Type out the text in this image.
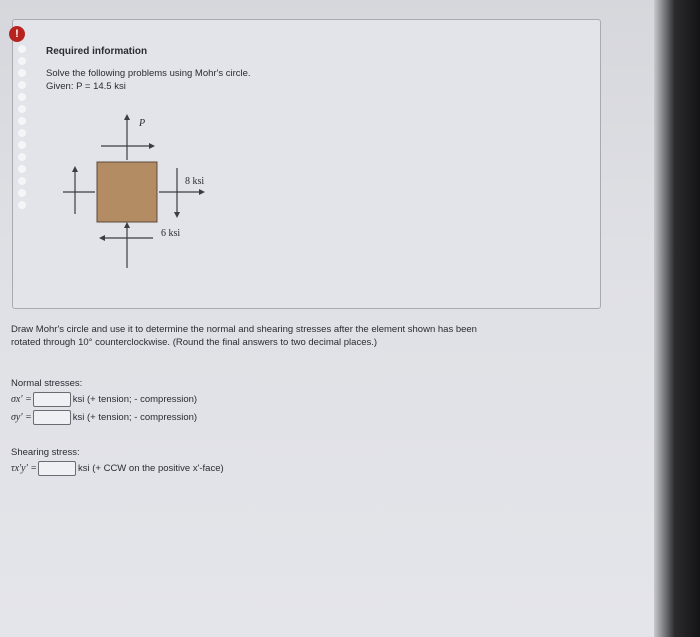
!
Required information
Solve the following problems using Mohr's circle.
Given: P = 14.5 ksi
P
8 ksi
6 ksi
Draw Mohr's circle and use it to determine the normal and shearing stresses after the element shown has been
rotated through 10° counterclockwise. (Round the final answers to two decimal places.)
Normal stresses:
σx' =	ksi (+ tension; - compression)
σy' =	ksi (+ tension; - compression)
Shearing stress:
τx'y' =	ksi (+ CCW on the positive x'-face)
